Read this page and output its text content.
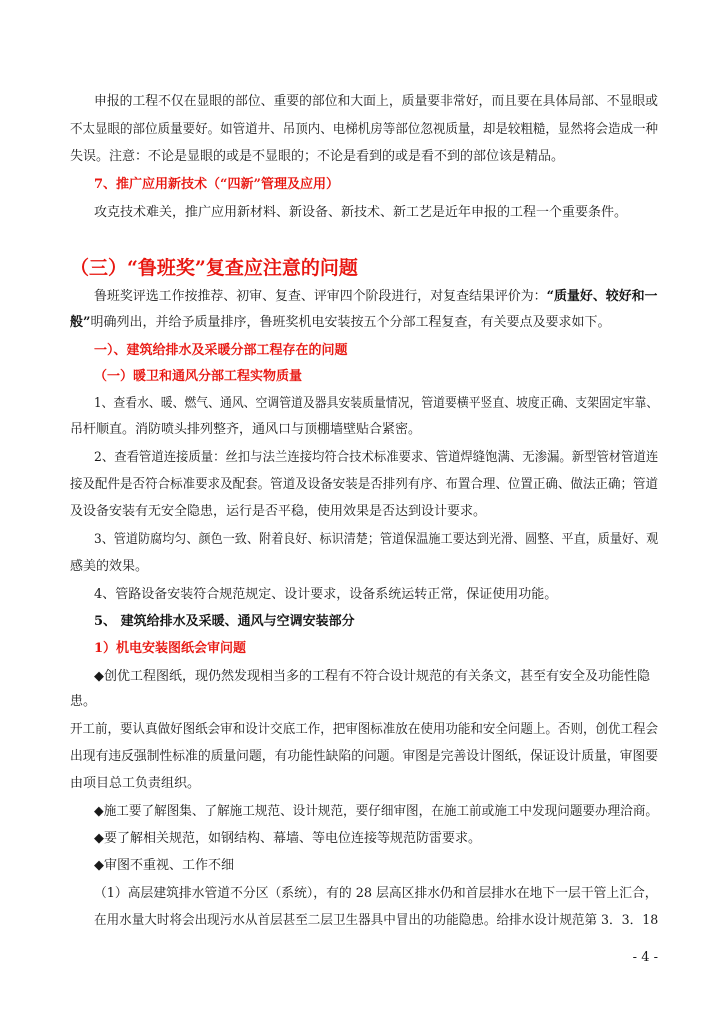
申报的工程不仅在显眼的部位、重要的部位和大面上，质量要非常好，而且要在具体局部、不显眼或

不太显眼的部位质量要好。如管道井、吊顶内、电梯机房等部位忽视质量，却是较粗糙，显然将会造成一种

失误。注意：不论是显眼的或是不显眼的；不论是看到的或是看不到的部位该是精品。

7、推广应用新技术（“四新”管理及应用）

攻克技术难关，推广应用新材料、新设备、新技术、新工艺是近年申报的工程一个重要条件。

（三）“鲁班奖”复查应注意的问题

鲁班奖评选工作按推荐、初审、复查、评审四个阶段进行，对复查结果评价为：“质量好、较好和一

般”明确列出，并给予质量排序，鲁班奖机电安装按五个分部工程复查，有关要点及要求如下。

一）、建筑给排水及采暖分部工程存在的问题

（一）暖卫和通风分部工程实物质量

1、查看水、暖、燃气、通风、空调管道及器具安装质量情况，管道要横平竖直、坡度正确、支架固定牢靠、

吊杆顺直。消防喷头排列整齐，通风口与顶棚墙壁贴合紧密。

2、查看管道连接质量：丝扣与法兰连接均符合技术标准要求、管道焊缝饱满、无渗漏。新型管材管道连

接及配件是否符合标准要求及配套。管道及设备安装是否排列有序、布置合理、位置正确、做法正确；管道

及设备安装有无安全隐患，运行是否平稳，使用效果是否达到设计要求。

3、管道防腐均匀、颜色一致、附着良好、标识清楚；管道保温施工要达到光滑、圆整、平直，质量好、观

感美的效果。

4、管路设备安装符合规范规定、设计要求，设备系统运转正常，保证使用功能。

5、 建筑给排水及采暖、通风与空调安装部分

1）机电安装图纸会审问题

◆创优工程图纸，现仍然发现相当多的工程有不符合设计规范的有关条文，甚至有安全及功能性隐

患。

开工前，要认真做好图纸会审和设计交底工作，把审图标准放在使用功能和安全问题上。否则，创优工程会

出现有违反强制性标准的质量问题，有功能性缺陷的问题。审图是完善设计图纸，保证设计质量，审图要

由项目总工负责组织。

◆施工要了解图集、了解施工规范、设计规范，要仔细审图，在施工前或施工中发现问题要办理洽商。

◆要了解相关规范，如钢结构、幕墙、等电位连接等规范防雷要求。

◆审图不重视、工作不细

（1）高层建筑排水管道不分区（系统），有的 28 层高区排水仍和首层排水在地下一层干管上汇合，

在用水量大时将会出现污水从首层甚至二层卫生器具中冒出的功能隐患。给排水设计规范第 3．3．18

- 4 -
